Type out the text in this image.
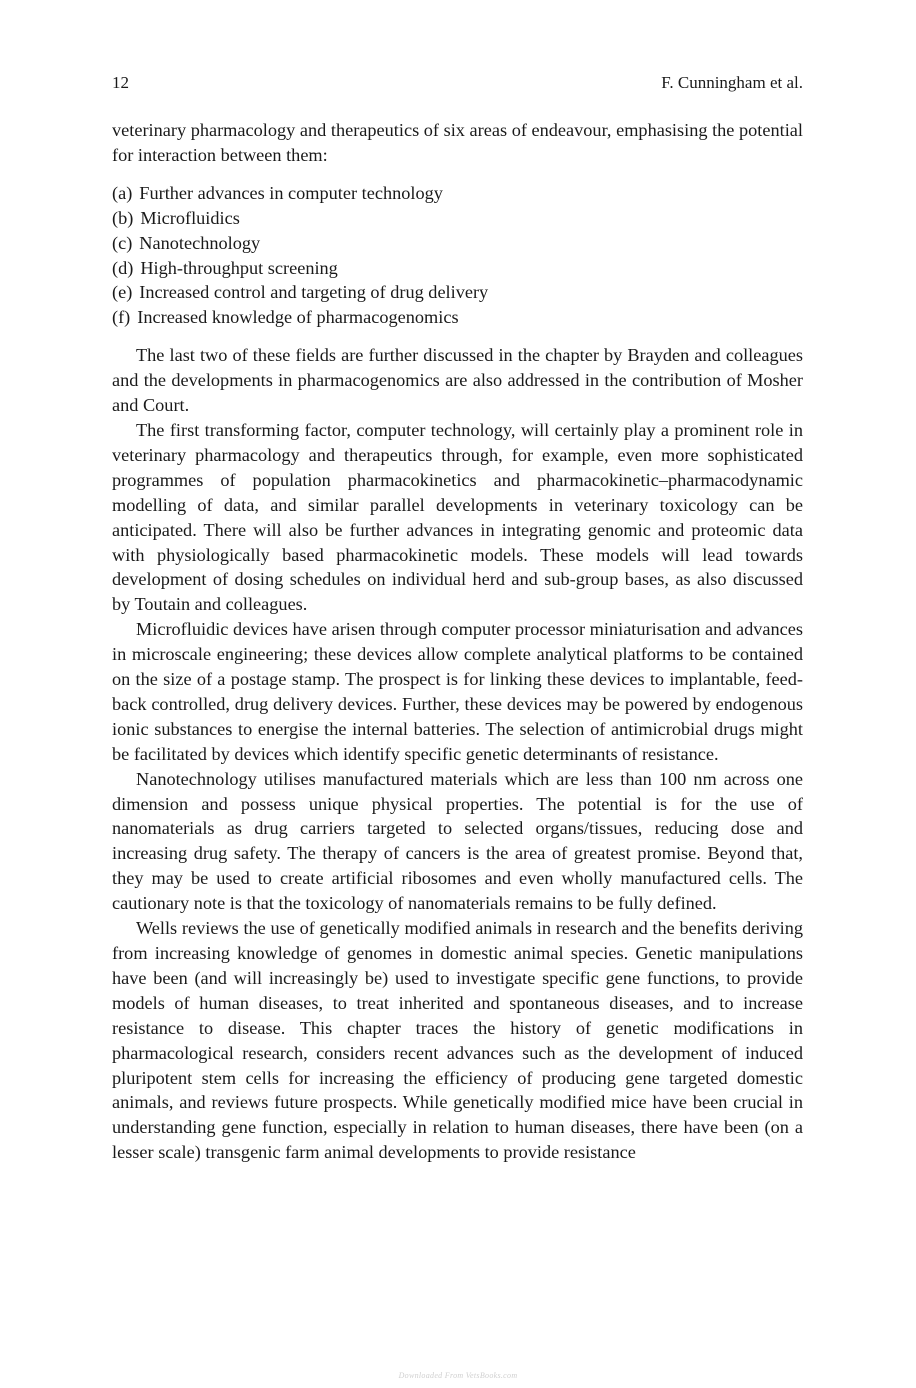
12	F. Cunningham et al.

veterinary pharmacology and therapeutics of six areas of endeavour, emphasising the potential for interaction between them:

(a) Further advances in computer technology
(b) Microfluidics
(c) Nanotechnology
(d) High-throughput screening
(e) Increased control and targeting of drug delivery
(f) Increased knowledge of pharmacogenomics

The last two of these fields are further discussed in the chapter by Brayden and colleagues and the developments in pharmacogenomics are also addressed in the contribution of Mosher and Court.

The first transforming factor, computer technology, will certainly play a prominent role in veterinary pharmacology and therapeutics through, for example, even more sophisticated programmes of population pharmacokinetics and pharmacokinetic–pharmacodynamic modelling of data, and similar parallel developments in veterinary toxicology can be anticipated. There will also be further advances in integrating genomic and proteomic data with physiologically based pharmacokinetic models. These models will lead towards development of dosing schedules on individual herd and sub-group bases, as also discussed by Toutain and colleagues.

Microfluidic devices have arisen through computer processor miniaturisation and advances in microscale engineering; these devices allow complete analytical platforms to be contained on the size of a postage stamp. The prospect is for linking these devices to implantable, feed-back controlled, drug delivery devices. Further, these devices may be powered by endogenous ionic substances to energise the internal batteries. The selection of antimicrobial drugs might be facilitated by devices which identify specific genetic determinants of resistance.

Nanotechnology utilises manufactured materials which are less than 100 nm across one dimension and possess unique physical properties. The potential is for the use of nanomaterials as drug carriers targeted to selected organs/tissues, reducing dose and increasing drug safety. The therapy of cancers is the area of greatest promise. Beyond that, they may be used to create artificial ribosomes and even wholly manufactured cells. The cautionary note is that the toxicology of nanomaterials remains to be fully defined.

Wells reviews the use of genetically modified animals in research and the benefits deriving from increasing knowledge of genomes in domestic animal species. Genetic manipulations have been (and will increasingly be) used to investigate specific gene functions, to provide models of human diseases, to treat inherited and spontaneous diseases, and to increase resistance to disease. This chapter traces the history of genetic modifications in pharmacological research, considers recent advances such as the development of induced pluripotent stem cells for increasing the efficiency of producing gene targeted domestic animals, and reviews future prospects. While genetically modified mice have been crucial in understanding gene function, especially in relation to human diseases, there have been (on a lesser scale) transgenic farm animal developments to provide resistance

Downloaded From VetsBooks.com
